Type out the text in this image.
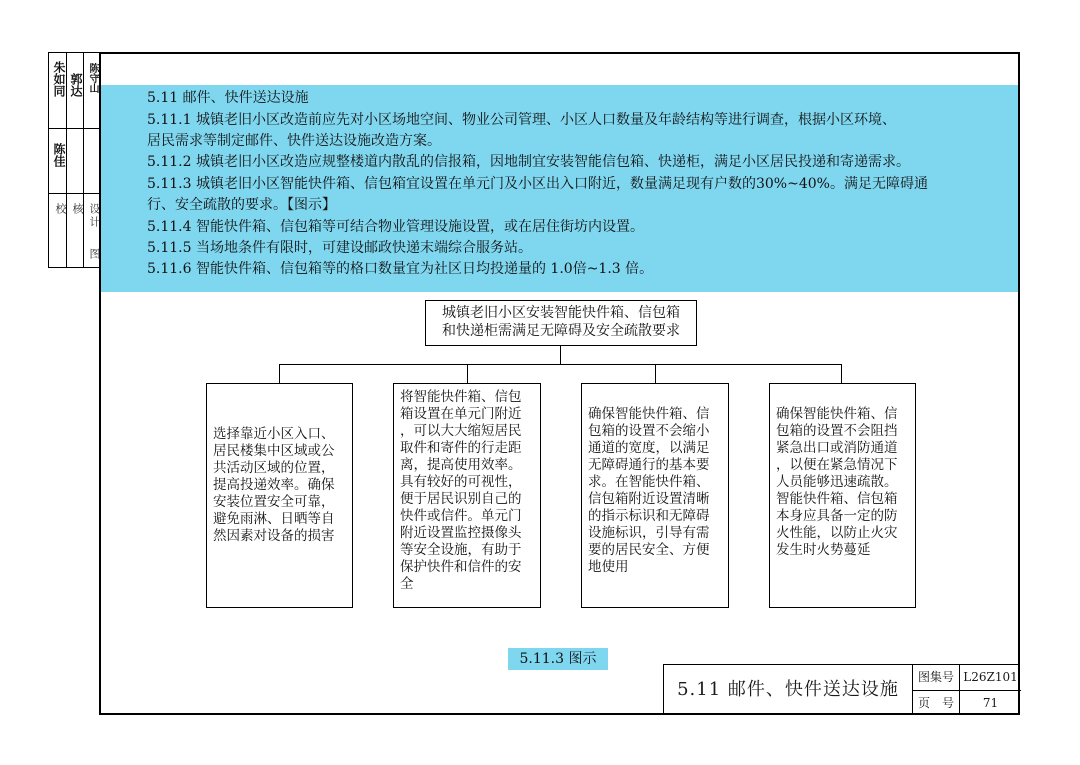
朱如同 郭达 陈守山
陈佳
校 核 设计
图
5.11 邮件、快件送达设施
5.11.1 城镇老旧小区改造前应先对小区场地空间、物业公司管理、小区人口数量及年龄结构等进行调查，根据小区环境、
居民需求等制定邮件、快件送达设施改造方案。
5.11.2 城镇老旧小区改造应规整楼道内散乱的信报箱，因地制宜安装智能信包箱、快递柜，满足小区居民投递和寄递需求。
5.11.3 城镇老旧小区智能快件箱、信包箱宜设置在单元门及小区出入口附近，数量满足现有户数的30%~40%。满足无障碍通
行、安全疏散的要求。【图示】
5.11.4 智能快件箱、信包箱等可结合物业管理设施设置，或在居住街坊内设置。
5.11.5 当场地条件有限时，可建设邮政快递末端综合服务站。
5.11.6 智能快件箱、信包箱等的格口数量宜为社区日均投递量的 1.0倍~1.3 倍。

城镇老旧小区安装智能快件箱、信包箱

和快递柜需满足无障碍及安全疏散要求

选择靠近小区入口、

居民楼集中区域或公

共活动区域的位置，

提高投递效率。确保

安装位置安全可靠，

避免雨淋、日晒等自

然因素对设备的损害

将智能快件箱、信包

箱设置在单元门附近

，可以大大缩短居民

取件和寄件的行走距

离，提高使用效率。

具有较好的可视性，

便于居民识别自己的

快件或信件。单元门

附近设置监控摄像头

等安全设施，有助于

保护快件和信件的安

全

确保智能快件箱、信

包箱的设置不会缩小

通道的宽度，以满足

无障碍通行的基本要

求。在智能快件箱、

信包箱附近设置清晰

的指示标识和无障碍

设施标识，引导有需

要的居民安全、方便

地使用

确保智能快件箱、信

包箱的设置不会阻挡

紧急出口或消防通道

，以便在紧急情况下

人员能够迅速疏散。

智能快件箱、信包箱

本身应具备一定的防

火性能，以防止火灾

发生时火势蔓延

5.11.3 图示
5.11 邮件、快件送达设施
图集号 L26Z101
页　号	71
